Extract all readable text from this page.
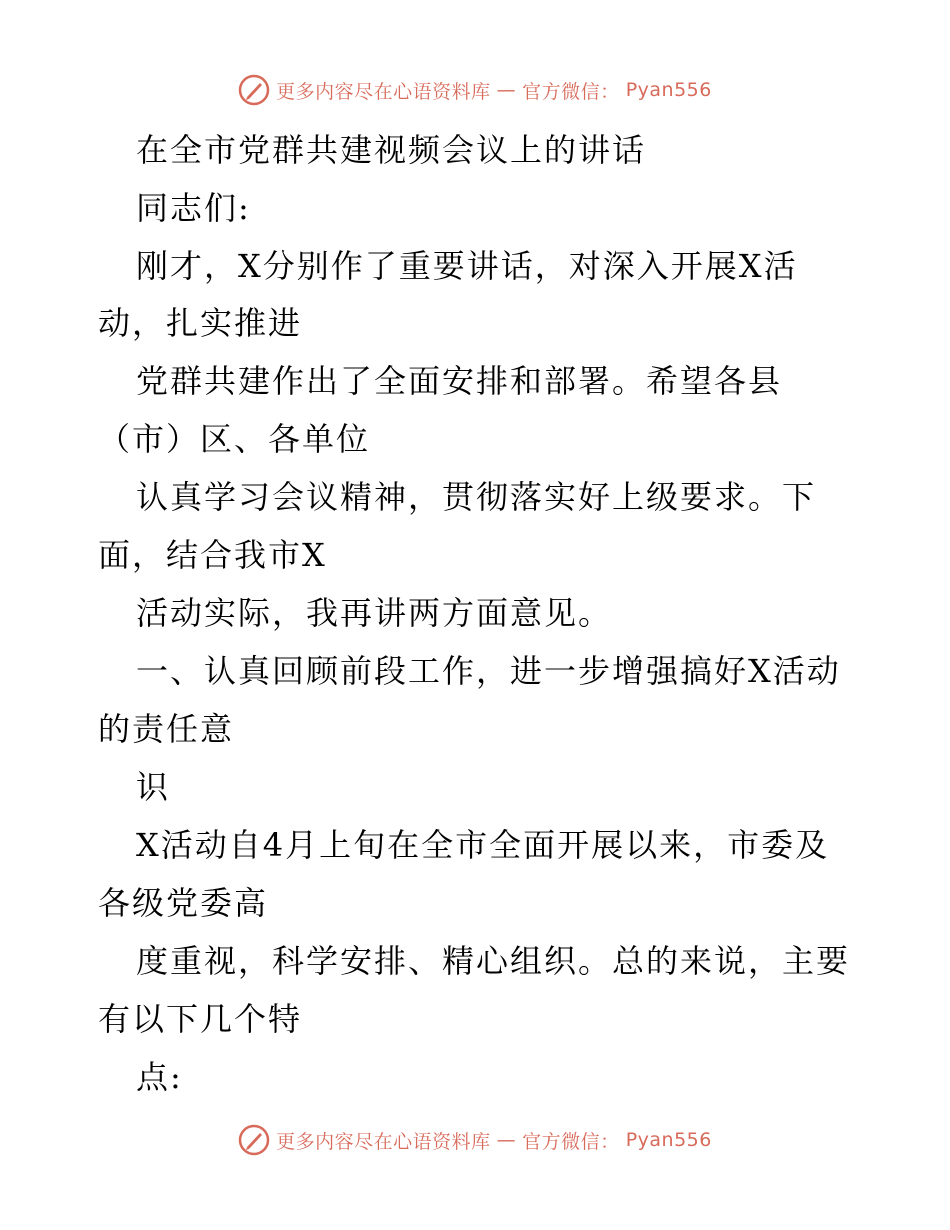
更多内容尽在心语资料库 — 官方微信： Pyan556
在全市党群共建视频会议上的讲话
同志们:
刚才，X分别作了重要讲话，对深入开展X活
动，扎实推进
党群共建作出了全面安排和部署。希望各县
（市）区、各单位
认真学习会议精神，贯彻落实好上级要求。下
面，结合我市X
活动实际，我再讲两方面意见。
一、认真回顾前段工作，进一步增强搞好X活动
的责任意
识
X活动自4月上旬在全市全面开展以来，市委及
各级党委高
度重视，科学安排、精心组织。总的来说，主要
有以下几个特
点:
更多内容尽在心语资料库 — 官方微信： Pyan556
